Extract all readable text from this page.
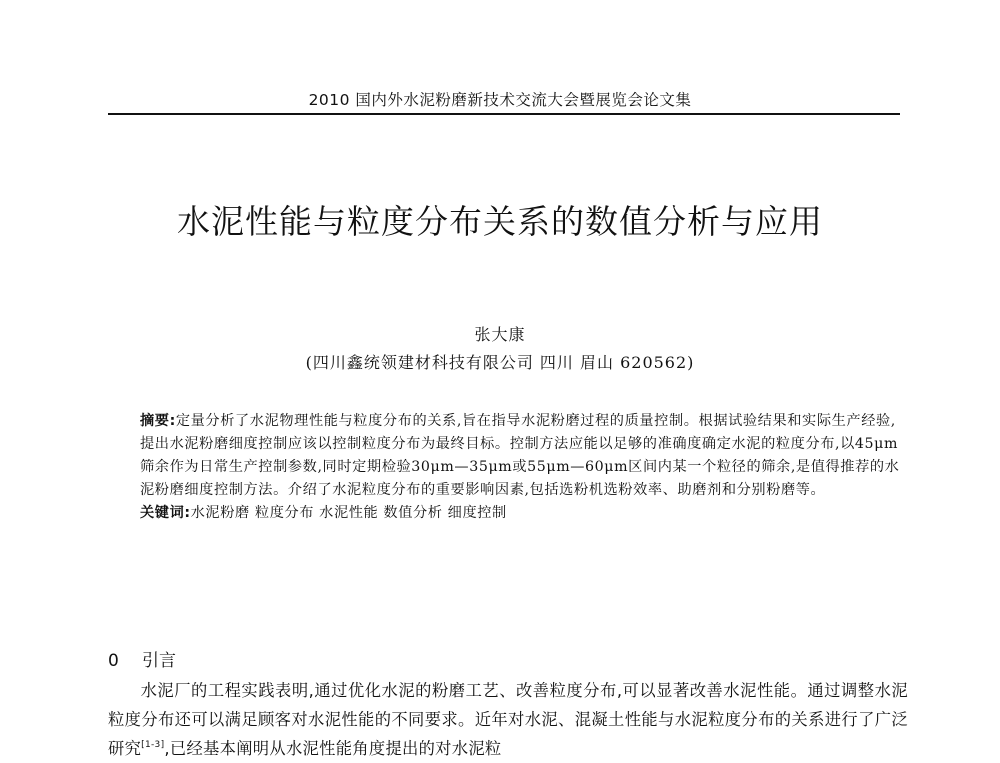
2010 国内外水泥粉磨新技术交流大会暨展览会论文集
水泥性能与粒度分布关系的数值分析与应用
张大康
(四川鑫统领建材科技有限公司 四川 眉山 620562)

摘要:定量分析了水泥物理性能与粒度分布的关系,旨在指导水泥粉磨过程的质量控制。根据试验结果和实际生产经验,提出水泥粉磨细度控制应该以控制粒度分布为最终目标。控制方法应能以足够的准确度确定水泥的粒度分布,以45μm筛余作为日常生产控制参数,同时定期检验30μm—35μm或55μm—60μm区间内某一个粒径的筛余,是值得推荐的水泥粉磨细度控制方法。介绍了水泥粒度分布的重要影响因素,包括选粉机选粉效率、助磨剂和分别粉磨等。

关键词:水泥粉磨 粒度分布 水泥性能 数值分析 细度控制

0 引言

水泥厂的工程实践表明,通过优化水泥的粉磨工艺、改善粒度分布,可以显著改善水泥性能。通过调整水泥粒度分布还可以满足顾客对水泥性能的不同要求。近年对水泥、混凝土性能与水泥粒度分布的关系进行了广泛研究[1-3],已经基本阐明从水泥性能角度提出的对水泥粒
